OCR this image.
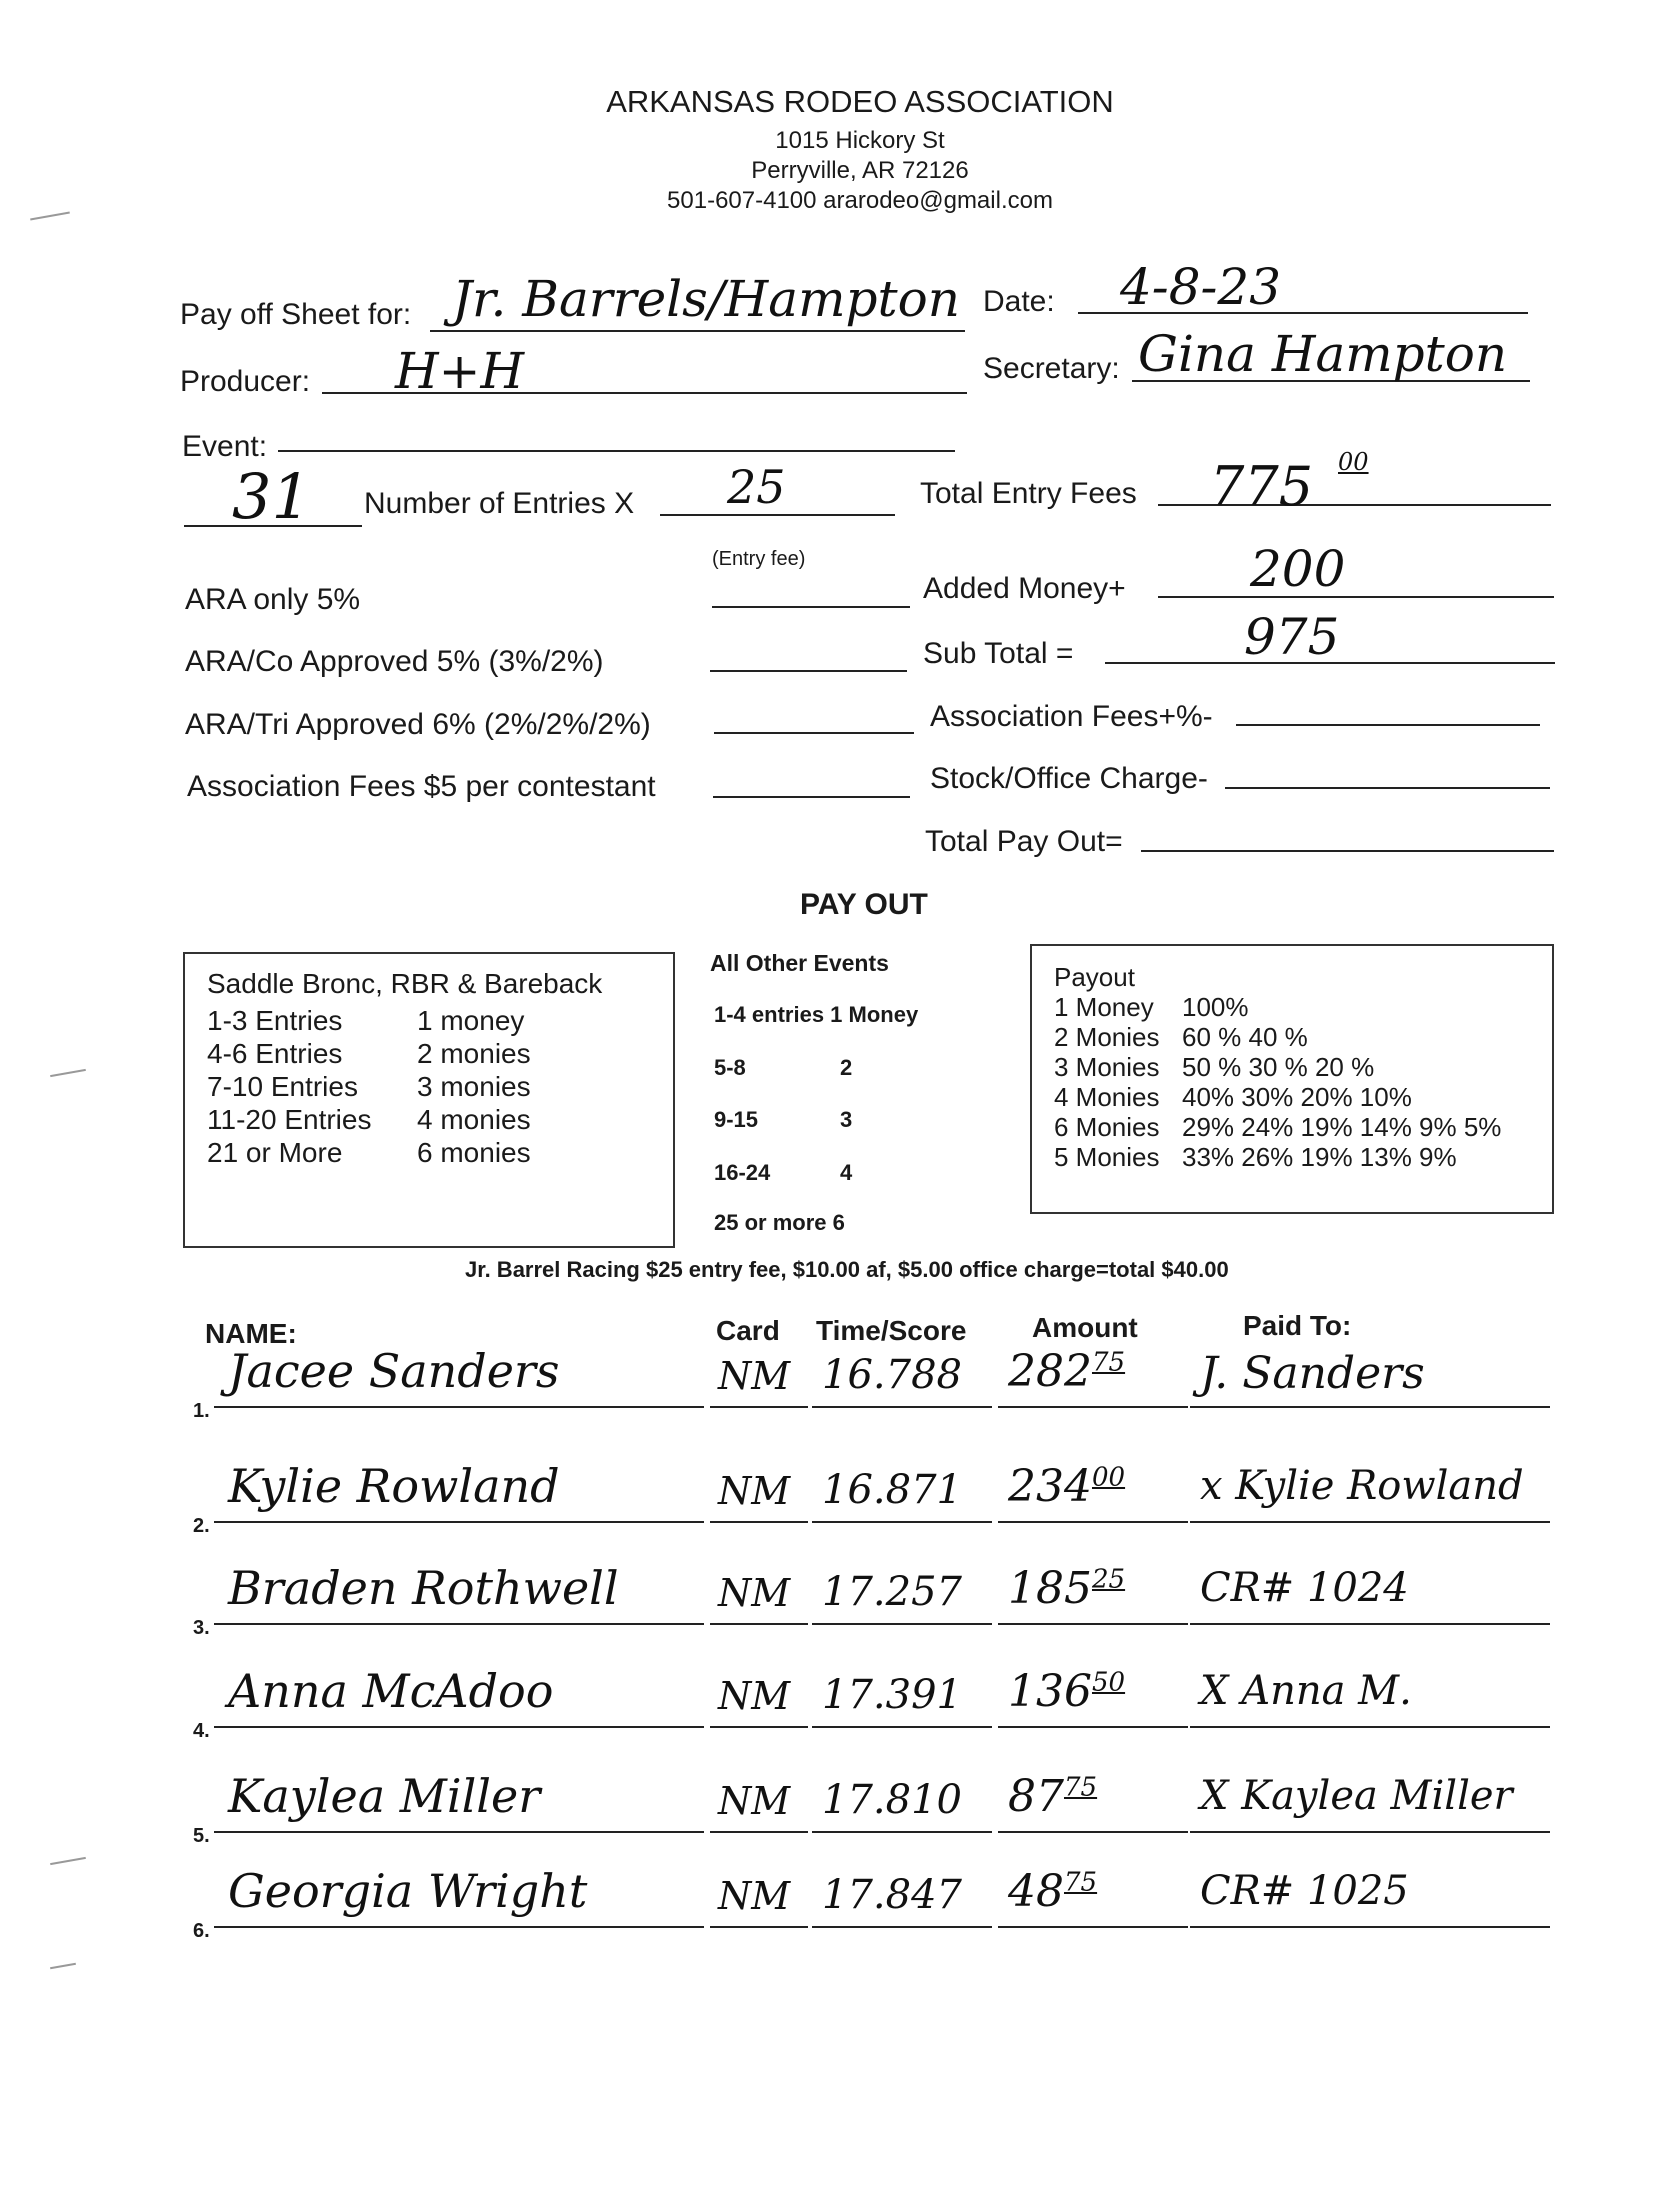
ARKANSAS RODEO ASSOCIATION
1015 Hickory St
Perryville, AR 72126
501-607-4100 ararodeo@gmail.com
Pay off Sheet for: Jr. Barrels/Hampton Date: 4-8-23
Producer: H+H	Secretary: Gina Hampton
Event:
31 Number of Entries X 25
(Entry fee)
Total Entry Fees 775 00
ARA only 5%
ARA/Co Approved 5% (3%/2%)
ARA/Tri Approved 6% (2%/2%/2%)
Association Fees $5 per contestant
Added Money+ 200
Sub Total =	975
Association Fees+%-
Stock/Office Charge-
Total Pay Out=
PAY OUT
Saddle Bronc, RBR & Bareback
1-3 Entries	1 money
4-6 Entries	2 monies
7-10 Entries	3 monies
11-20 Entries	4 monies
21 or More	6 monies
All Other Events
1-4 entries 1 Money
5-8	2
9-15	3
16-24	4
25 or more 6
Payout
1 Money	100%
2 Monies 60 % 40 %
3 Monies 50 % 30 % 20 %
4 Monies 40% 30% 20% 10%
6 Monies 29% 24% 19% 14% 9% 5%
5 Monies 33% 26% 19% 13% 9%
Jr. Barrel Racing $25 entry fee, $10.00 af, $5.00 office charge=total $40.00
NAME:	Card Time/Score Amount	Paid To:
1.
Jacee Sanders	NM 16.788 $282^{75}$ J. Sanders
2.
Kylie Rowland	NM 16.871 $234^{00}$ x Kylie Rowland
3.
Braden Rothwell	NM 17.257 $185^{25}$ CR# 1024
4.
Anna McAdoo	NM 17.391 $136^{50}$ X Anna M.
5.
Kaylea Miller	NM 17.810 $87^{75}$	X Kaylea Miller
6.
Georgia Wright	NM 17.847 $48^{75}$	CR# 1025
